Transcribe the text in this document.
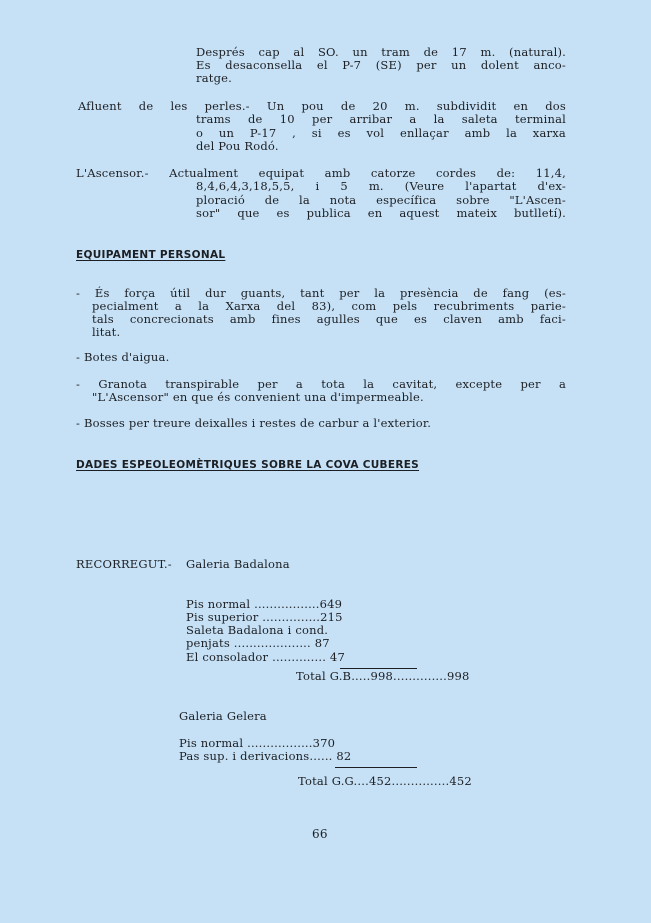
Després cap al SO. un tram de 17 m. (natural).

Es desaconsella el P-7 (SE) per un dolent anco-

ratge.

Afluent de les perles.- Un pou de 20 m. subdividit en dos

trams de 10 per arribar a la saleta terminal

o un P-17 , si es vol enllaçar amb la xarxa

del Pou Rodó.

L'Ascensor.- Actualment equipat amb catorze cordes de: 11,4,

8,4,6,4,3,18,5,5, i 5 m. (Veure l'apartat d'ex-

ploració de la nota específica sobre "L'Ascen-

sor" que es publica en aquest mateix butlletí).

EQUIPAMENT PERSONAL

- És força útil dur guants, tant per la presència de fang (es-

pecialment a la Xarxa del 83), com pels recubriments parie-

tals concrecionats amb fines agulles que es claven amb faci-

litat.

- Botes d'aigua.

- Granota transpirable per a tota la cavitat, excepte per a

"L'Ascensor" en que és convenient una d'impermeable.

- Bosses per treure deixalles i restes de carbur a l'exterior.

DADES ESPEOLEOMÈTRIQUES SOBRE LA COVA CUBERES

RECORREGUT.- Galeria Badalona

Pis normal .................649

Pis superior ...............215

Saleta Badalona i cond.

penjats .................... 87

El consolador .............. 47

Total G.B.....998..............998

Galeria Gelera

Pis normal .................370

Pas sup. i derivacions...... 82

Total G.G....452...............452

66
